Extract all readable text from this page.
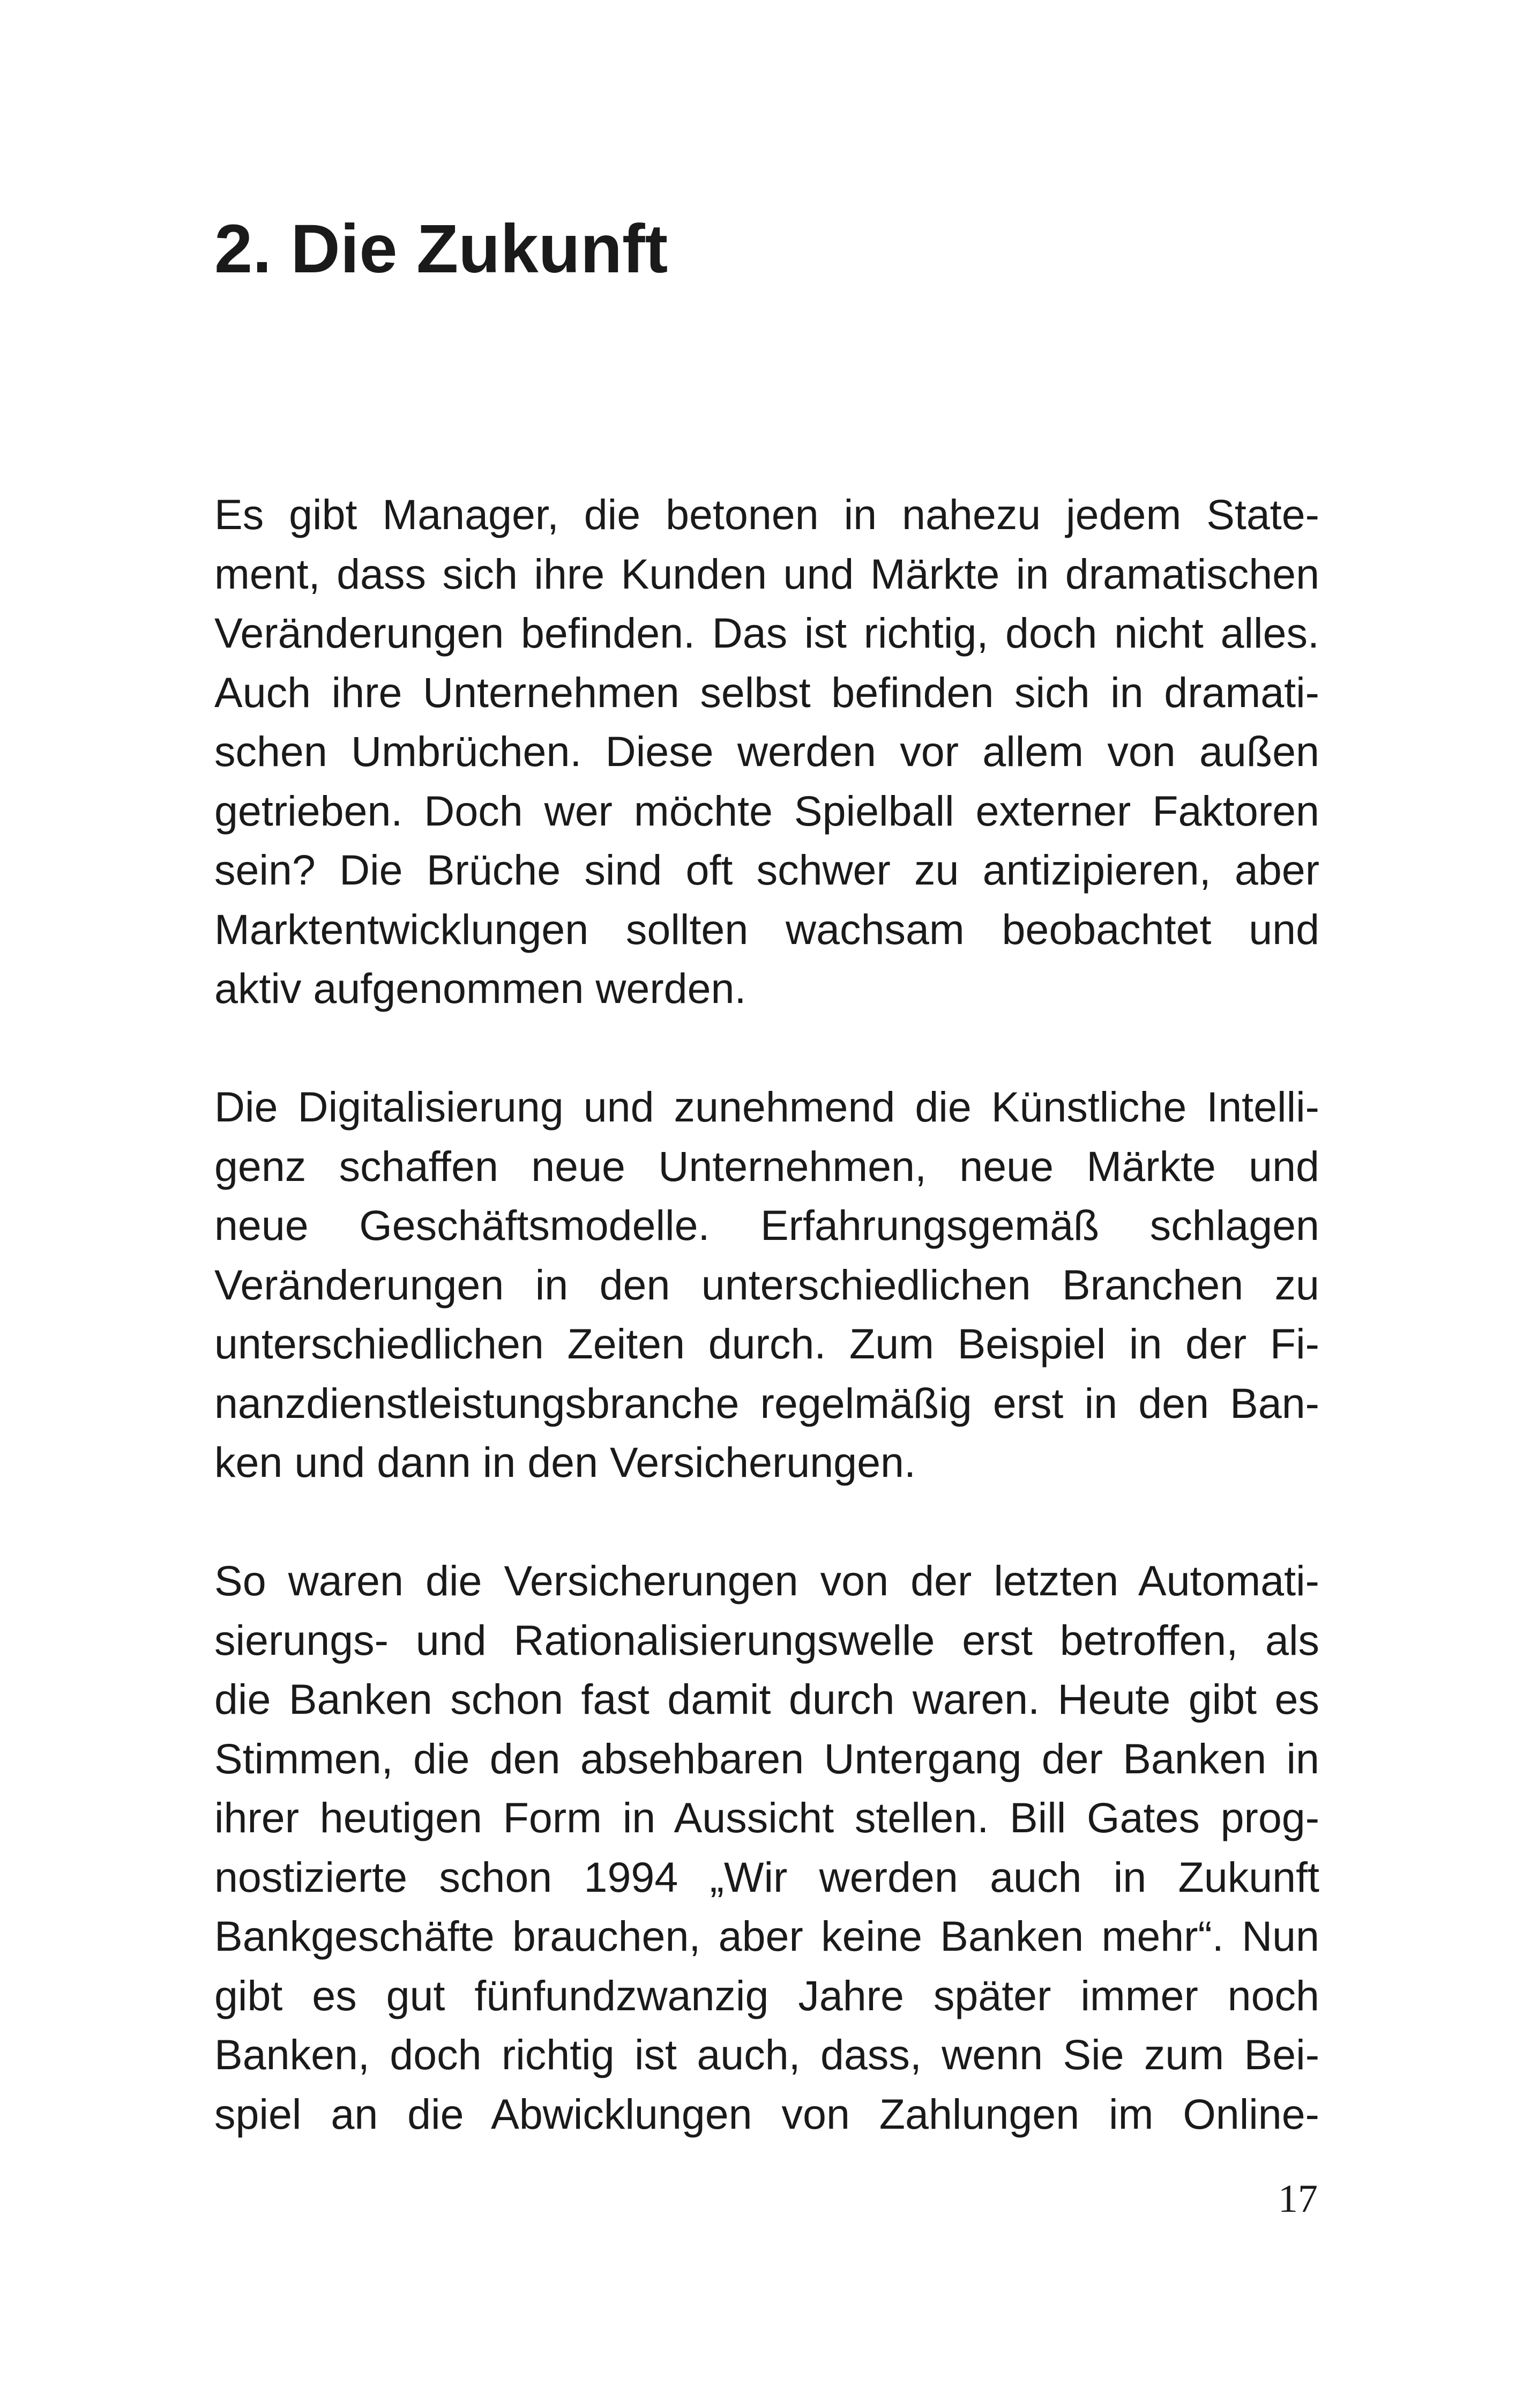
2. Die Zukunft

Es gibt Manager, die betonen in nahezu jedem State-
ment, dass sich ihre Kunden und Märkte in dramatischen
Veränderungen befinden. Das ist richtig, doch nicht alles.
Auch ihre Unternehmen selbst befinden sich in dramati-
schen Umbrüchen. Diese werden vor allem von außen
getrieben. Doch wer möchte Spielball externer Faktoren
sein? Die Brüche sind oft schwer zu antizipieren, aber
Marktentwicklungen sollten wachsam beobachtet und
aktiv aufgenommen werden.

Die Digitalisierung und zunehmend die Künstliche Intelli-
genz schaffen neue Unternehmen, neue Märkte und
neue Geschäftsmodelle. Erfahrungsgemäß schlagen
Veränderungen in den unterschiedlichen Branchen zu
unterschiedlichen Zeiten durch. Zum Beispiel in der Fi-
nanzdienstleistungsbranche regelmäßig erst in den Ban-
ken und dann in den Versicherungen.

So waren die Versicherungen von der letzten Automati-
sierungs- und Rationalisierungswelle erst betroffen, als
die Banken schon fast damit durch waren. Heute gibt es
Stimmen, die den absehbaren Untergang der Banken in
ihrer heutigen Form in Aussicht stellen. Bill Gates prog-
nostizierte schon 1994 „Wir werden auch in Zukunft
Bankgeschäfte brauchen, aber keine Banken mehr“. Nun
gibt es gut fünfundzwanzig Jahre später immer noch
Banken, doch richtig ist auch, dass, wenn Sie zum Bei-
spiel an die Abwicklungen von Zahlungen im Online-

17
